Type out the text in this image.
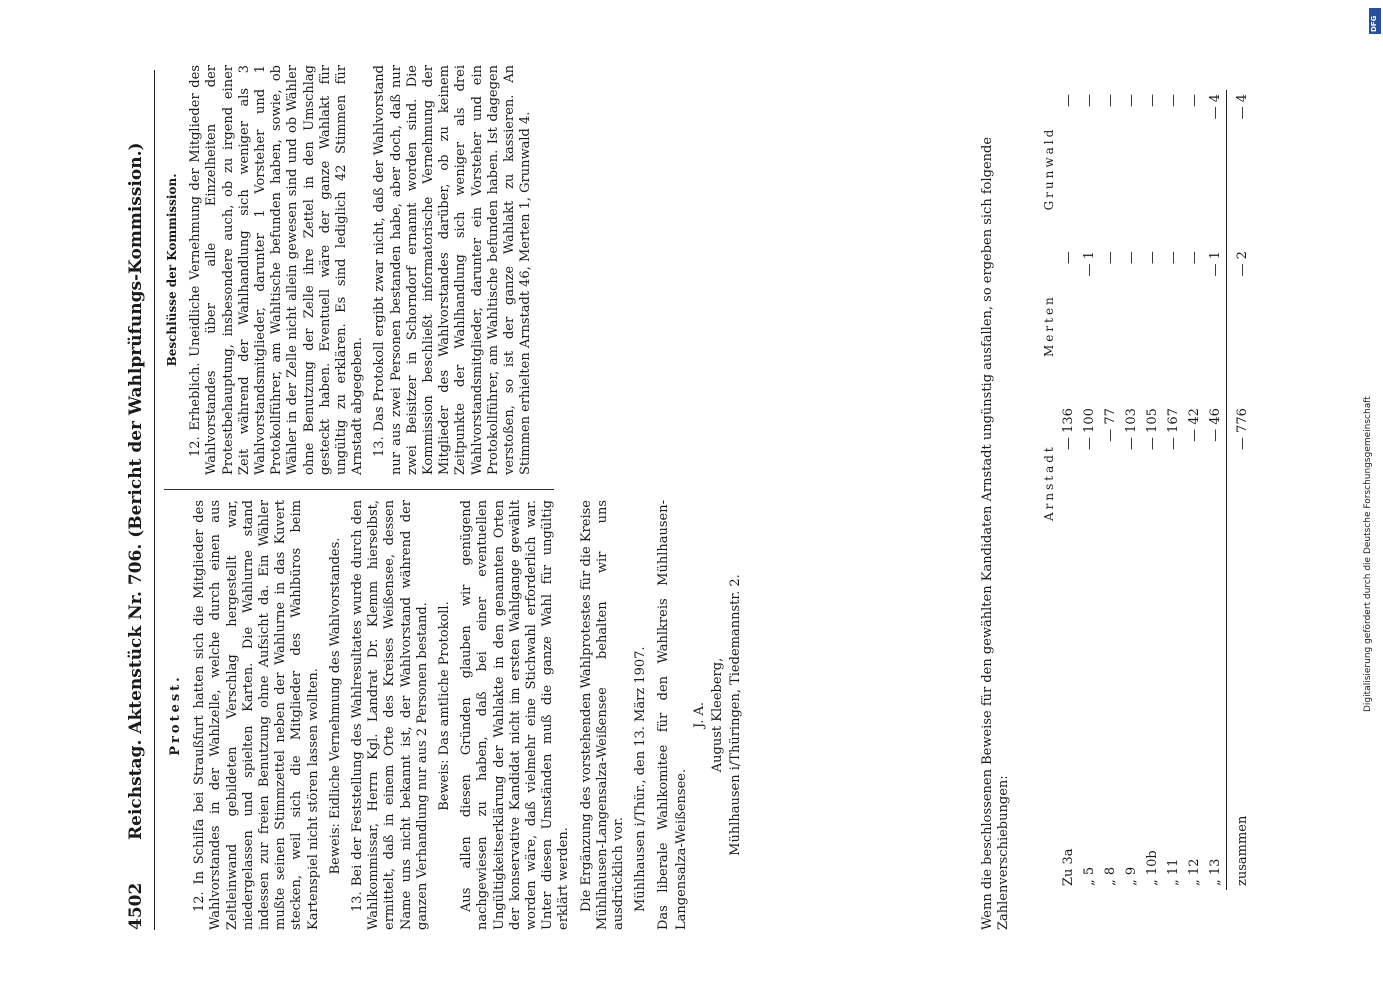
4502
Reichstag. Aktenstück Nr. 706. (Bericht der Wahlprüfungs-Kommission.) Protest. 12. In Schilfa bei Straußfurt hatten sich die Mitglieder des Wahlvorstandes in der Wahlzelle, welche durch einen aus Zeltleinwand gebildeten Verschlag hergestellt war, niedergelassen und spielten Karten. Die Wahlurne stand indessen zur freien Benutzung ohne Aufsicht da. Ein Wähler mußte seinen Stimmzettel neben der Wahlurne in das Kuvert stecken, weil sich die Mitglieder des Wahlbüros beim Kartenspiel nicht stören lassen wollten. Beweis: Eidliche Vernehmung des Wahlvorstandes. 13. Bei der Feststellung des Wahlresultates wurde durch den Wahlkommissar, Herrn Kgl. Landrat Dr. Klemm hierselbst, ermittelt, daß in einem Orte des Kreises Weißensee, dessen Name uns nicht bekannt ist, der Wahlvorstand während der ganzen Verhandlung nur aus 2 Personen bestand. Beweis: Das amtliche Protokoll. Aus allen diesen Gründen glauben wir genügend nachgewiesen zu haben, daß bei einer eventuellen Ungültigkeitserklärung der Wahlakte in den genannten Orten der konservative Kandidat nicht im ersten Wahlgange gewählt worden wäre, daß vielmehr eine Stichwahl erforderlich war. Unter diesen Umständen muß die ganze Wahl für ungültig erklärt werden. Die Ergänzung des vorstehenden Wahlprotestes für die Kreise Mühlhausen-Langensalza-Weißensee behalten wir uns ausdrücklich vor. Mühlhausen i/Thür., den 13. März 1907. Das liberale Wahlkomitee für den Wahlkreis Mühlhausen-Langensalza-Weißensee.
J. A. August Kleeberg, Mühlhausen i/Thüringen, Tiedemannstr. 2.
Beschlüsse der Kommission. 12. Erheblich. Uneidliche Vernehmung der Mitglieder des Wahlvorstandes über alle Einzelheiten der Protestbehauptung, insbesondere auch, ob zu irgend einer Zeit während der Wahlhandlung sich weniger als 3 Wahlvorstandsmitglieder, darunter 1 Vorsteher und 1 Protokollführer, am Wahltische befunden haben, sowie, ob Wähler in der Zelle nicht allein gewesen sind und ob Wähler ohne Benutzung der Zelle ihre Zettel in den Umschlag gesteckt haben. Eventuell wäre der ganze Wahlakt für ungültig zu erklären. Es sind lediglich 42 Stimmen für Arnstadt abgegeben. 13. Das Protokoll ergibt zwar nicht, daß der Wahlvorstand nur aus zwei Personen bestanden habe, aber doch, daß nur zwei Beisitzer in Schorndorf ernannt worden sind. Die Kommission beschließt informatorische Vernehmung der Mitglieder des Wahlvorstandes darüber, ob zu keinem Zeitpunkte der Wahlhandlung sich weniger als drei Wahlvorstandsmitglieder, darunter ein Vorsteher und ein Protokollführer, am Wahltische befunden haben. Ist dagegen verstoßen, so ist der ganze Wahlakt zu kassieren. An Stimmen erhielten Arnstadt 46, Merten 1, Grunwald 4.	Wenn die beschlossenen Beweise für den gewählten Kandidaten Arnstadt ungünstig ausfallen, so ergeben sich folgende Zahlenverschiebungen:
	Arnstadt	Merten	Grunwald
Zu 3a	— 136	—	—
„ 5	— 100	— 1	—
„ 8	— 77	—	—
„ 9	— 103	—	—
„ 10b	— 105	—	—
„ 11	— 167	—	—
„ 12	— 42	—	—
„ 13	— 46	— 1	— 4
zusammen	— 776	— 2	— 4
Digitalisierung gefördert durch die Deutsche Forschungsgemeinschaft
DFG
